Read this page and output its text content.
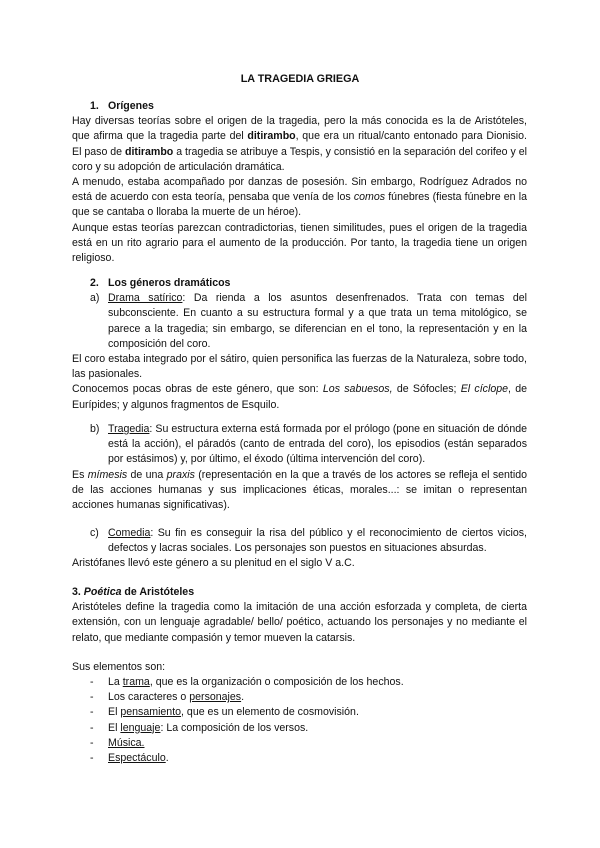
LA TRAGEDIA GRIEGA

1. Orígenes

Hay diversas teorías sobre el origen de la tragedia, pero la más conocida es la de Aristóteles, que afirma que la tragedia parte del ditirambo, que era un ritual/canto entonado para Dionisio. El paso de ditirambo a tragedia se atribuye a Tespis, y consistió en la separación del corifeo y el coro y su adopción de articulación dramática.

A menudo, estaba acompañado por danzas de posesión. Sin embargo, Rodríguez Adrados no está de acuerdo con esta teoría, pensaba que venía de los comos fúnebres (fiesta fúnebre en la que se cantaba o lloraba la muerte de un héroe).

Aunque estas teorías parezcan contradictorias, tienen similitudes, pues el origen de la tragedia está en un rito agrario para el aumento de la producción. Por tanto, la tragedia tiene un origen religioso.

2. Los géneros dramáticos

a) Drama satírico: Da rienda a los asuntos desenfrenados. Trata con temas del subconsciente. En cuanto a su estructura formal y a que trata un tema mitológico, se parece a la tragedia; sin embargo, se diferencian en el tono, la representación y en la composición del coro.

El coro estaba integrado por el sátiro, quien personifica las fuerzas de la Naturaleza, sobre todo, las pasionales.

Conocemos pocas obras de este género, que son: Los sabuesos, de Sófocles; El cíclope, de Eurípides; y algunos fragmentos de Esquilo.

b) Tragedia: Su estructura externa está formada por el prólogo (pone en situación de dónde está la acción), el páradós (canto de entrada del coro), los episodios (están separados por estásimos) y, por último, el éxodo (última intervención del coro).

Es mímesis de una praxis (representación en la que a través de los actores se refleja el sentido de las acciones humanas y sus implicaciones éticas, morales...: se imitan o representan acciones humanas significativas).

c) Comedia: Su fin es conseguir la risa del público y el reconocimiento de ciertos vicios, defectos y lacras sociales. Los personajes son puestos en situaciones absurdas.

Aristófanes llevó este género a su plenitud en el siglo V a.C.

3. Poética de Aristóteles

Aristóteles define la tragedia como la imitación de una acción esforzada y completa, de cierta extensión, con un lenguaje agradable/ bello/ poético, actuando los personajes y no mediante el relato, que mediante compasión y temor mueven la catarsis.

Sus elementos son:

- La trama, que es la organización o composición de los hechos.
- Los caracteres o personajes.
- El pensamiento, que es un elemento de cosmovisión.
- El lenguaje: La composición de los versos.
- Música.
- Espectáculo.
